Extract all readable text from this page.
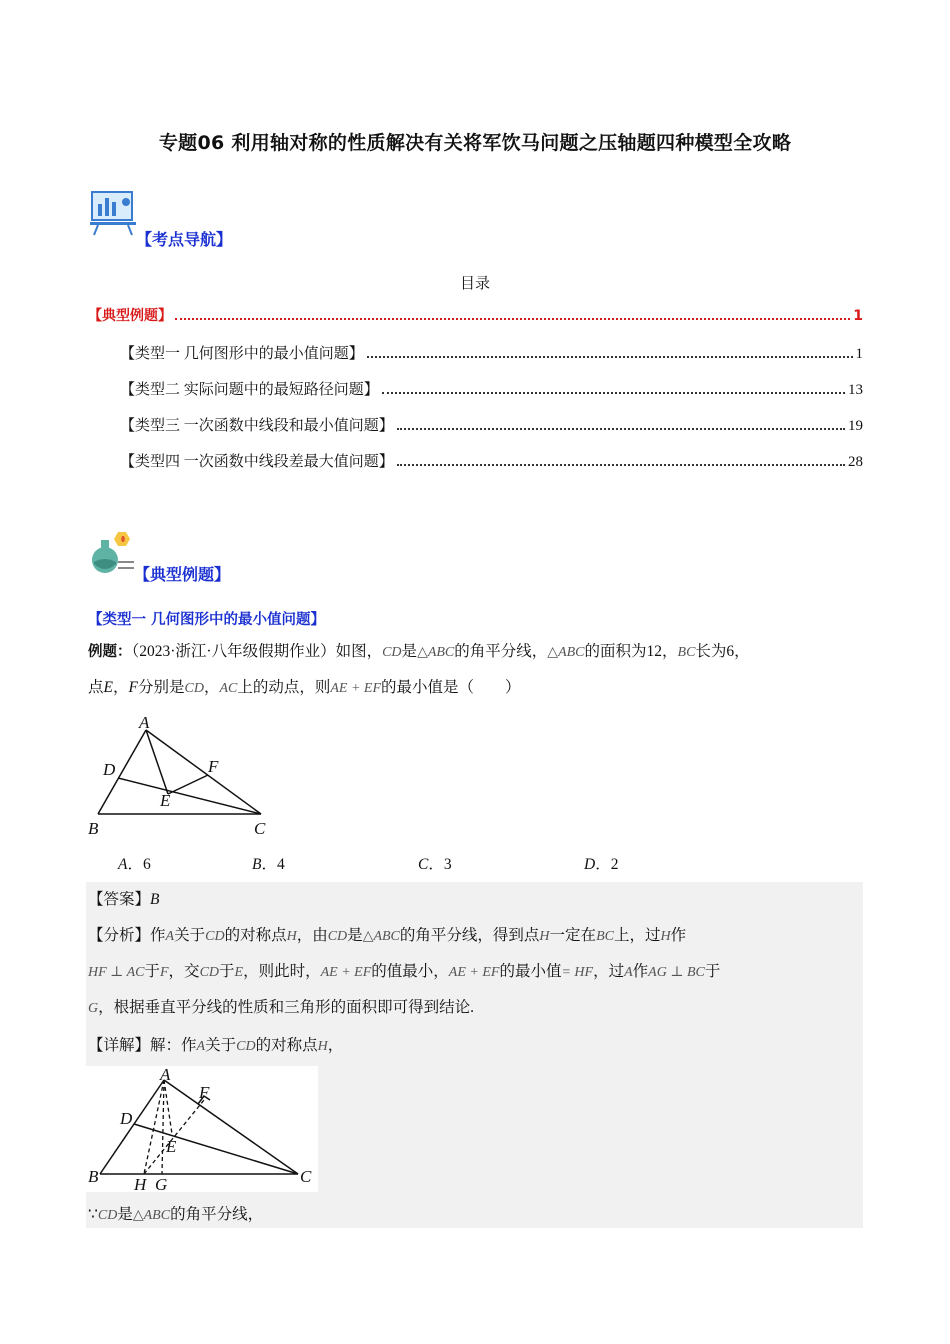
专题06 利用轴对称的性质解决有关将军饮马问题之压轴题四种模型全攻略
【考点导航】
目录
【典型例题】	1
【类型一 几何图形中的最小值问题】	1
【类型二 实际问题中的最短路径问题】	13
【类型三 一次函数中线段和最小值问题】	19
【类型四 一次函数中线段差最大值问题】	28
【典型例题】
【类型一 几何图形中的最小值问题】
例题：（2023·浙江·八年级假期作业）如图，CD是△ABC的角平分线，△ABC的面积为12，BC长为6，
点E，F分别是CD，AC上的动点，则AE + EF的最小值是（　　）
A
B	C
D
E
F
A．6	B．4	C．3	D．2
【答案】B
【分析】作A关于CD的对称点H，由CD是△ABC的角平分线，得到点H一定在BC上，过H作
HF ⊥ AC于F，交CD于E，则此时，AE + EF的值最小，AE + EF的最小值= HF，过A作AG ⊥ BC于
G，根据垂直平分线的性质和三角形的面积即可得到结论.
【详解】解：作A关于CD的对称点H，
A
B	C
D
E
F
H G
∵CD是△ABC的角平分线，
